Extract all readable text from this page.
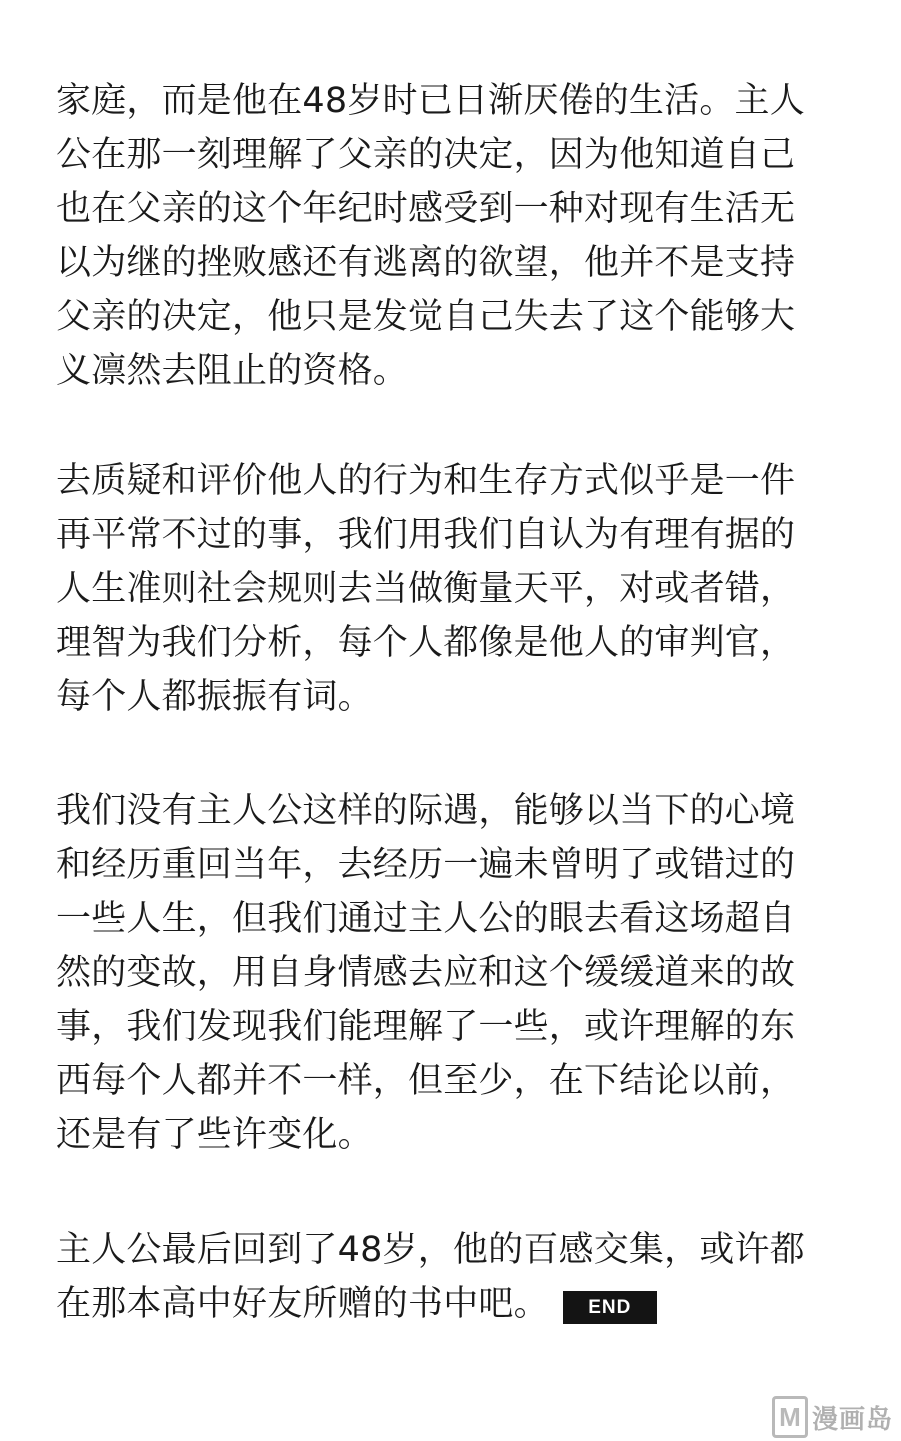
家庭，而是他在48岁时已日渐厌倦的生活。主人
公在那一刻理解了父亲的决定，因为他知道自己
也在父亲的这个年纪时感受到一种对现有生活无
以为继的挫败感还有逃离的欲望，他并不是支持
父亲的决定，他只是发觉自己失去了这个能够大
义凛然去阻止的资格。

去质疑和评价他人的行为和生存方式似乎是一件
再平常不过的事，我们用我们自认为有理有据的
人生准则社会规则去当做衡量天平，对或者错，
理智为我们分析，每个人都像是他人的审判官，
每个人都振振有词。

我们没有主人公这样的际遇，能够以当下的心境
和经历重回当年，去经历一遍未曾明了或错过的
一些人生，但我们通过主人公的眼去看这场超自
然的变故，用自身情感去应和这个缓缓道来的故
事，我们发现我们能理解了一些，或许理解的东
西每个人都并不一样，但至少，在下结论以前，
还是有了些许变化。

主人公最后回到了48岁，他的百感交集，或许都
在那本高中好友所赠的书中吧。 END
M 漫画岛
